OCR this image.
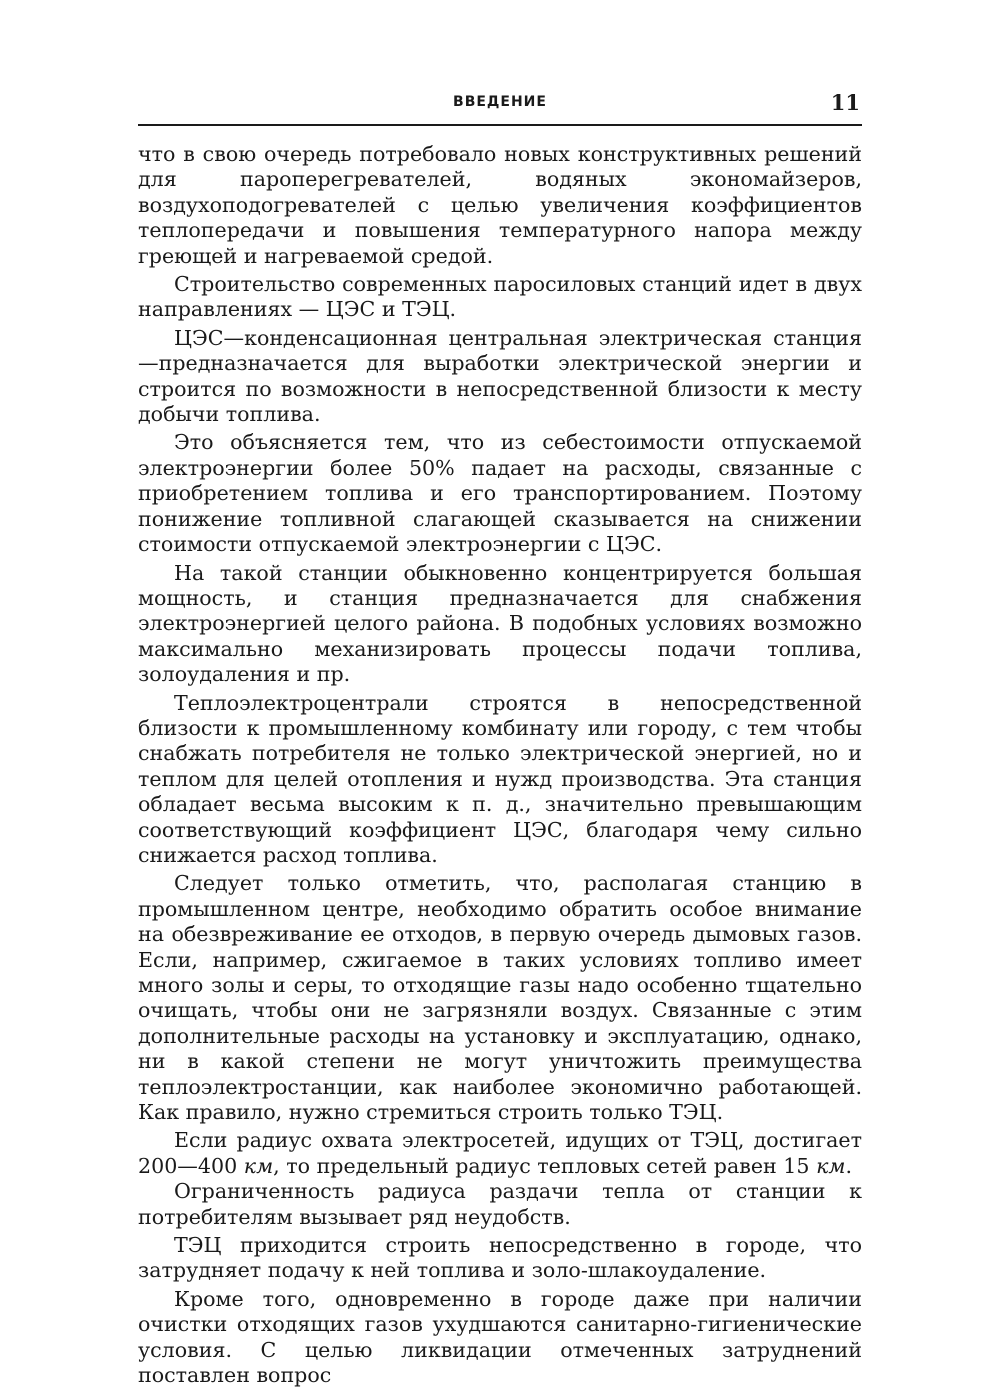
ВВЕДЕНИЕ	11

что в свою очередь потребовало новых конструктивных решений для пароперегревателей, водяных экономайзеров, воздухоподогревателей с целью увеличения коэффициентов теплопередачи и повышения температурного напора между греющей и нагреваемой средой.

Строительство современных паросиловых станций идет в двух направлениях — ЦЭС и ТЭЦ.

ЦЭС—конденсационная центральная электрическая станция—предназначается для выработки электрической энергии и строится по возможности в непосредственной близости к месту добычи топлива.

Это объясняется тем, что из себестоимости отпускаемой электроэнергии более 50% падает на расходы, связанные с приобретением топлива и его транспортированием. Поэтому понижение топливной слагающей сказывается на снижении стоимости отпускаемой электроэнергии с ЦЭС.

На такой станции обыкновенно концентрируется большая мощность, и станция предназначается для снабжения электроэнергией целого района. В подобных условиях возможно максимально механизировать процессы подачи топлива, золоудаления и пр.

Теплоэлектроцентрали строятся в непосредственной близости к промышленному комбинату или городу, с тем чтобы снабжать потребителя не только электрической энергией, но и теплом для целей отопления и нужд производства. Эта станция обладает весьма высоким к п. д., значительно превышающим соответствующий коэффициент ЦЭС, благодаря чему сильно снижается расход топлива.

Следует только отметить, что, располагая станцию в промышленном центре, необходимо обратить особое внимание на обезвреживание ее отходов, в первую очередь дымовых газов. Если, например, сжигаемое в таких условиях топливо имеет много золы и серы, то отходящие газы надо особенно тщательно очищать, чтобы они не загрязняли воздух. Связанные с этим дополнительные расходы на установку и эксплуатацию, однако, ни в какой степени не могут уничтожить преимущества теплоэлектростанции, как наиболее экономично работающей. Как правило, нужно стремиться строить только ТЭЦ.

Если радиус охвата электросетей, идущих от ТЭЦ, достигает 200—400 км, то предельный радиус тепловых сетей равен 15 км.

Ограниченность радиуса раздачи тепла от станции к потребителям вызывает ряд неудобств.

ТЭЦ приходится строить непосредственно в городе, что затрудняет подачу к ней топлива и золо-шлакоудаление.

Кроме того, одновременно в городе даже при наличии очистки отходящих газов ухудшаются санитарно-гигиенические условия. С целью ликвидации отмеченных затруднений поставлен вопрос
